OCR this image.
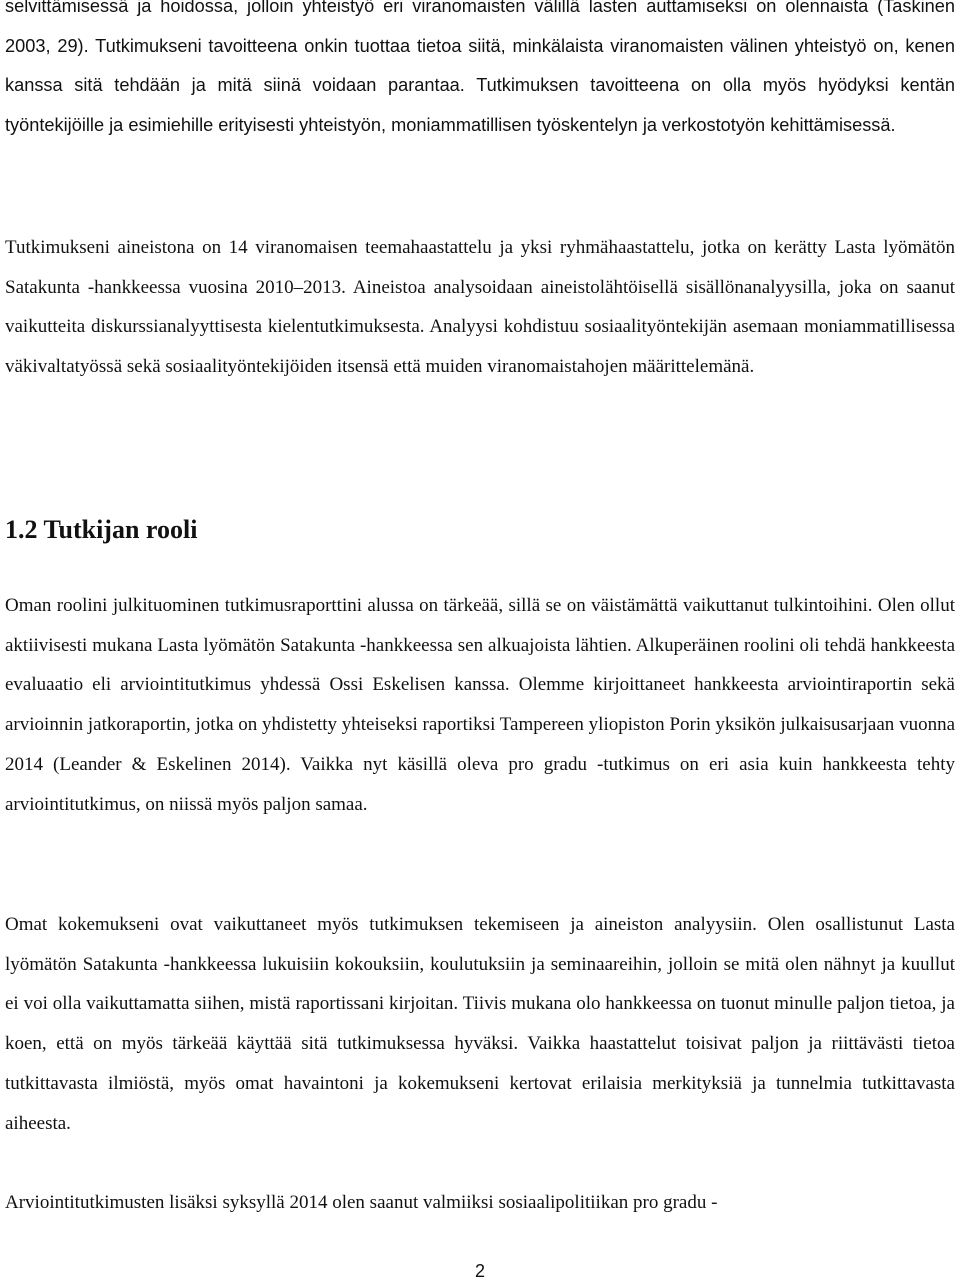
selvittämisessä ja hoidossa, jolloin yhteistyö eri viranomaisten välillä lasten auttamiseksi on olennaista (Taskinen 2003, 29). Tutkimukseni tavoitteena onkin tuottaa tietoa siitä, minkälaista viranomaisten välinen yhteistyö on, kenen kanssa sitä tehdään ja mitä siinä voidaan parantaa. Tutkimuksen tavoitteena on olla myös hyödyksi kentän työntekijöille ja esimiehille erityisesti yhteistyön, moniammatillisen työskentelyn ja verkostotyön kehittämisessä.

Tutkimukseni aineistona on 14 viranomaisen teemahaastattelu ja yksi ryhmähaastattelu, jotka on kerätty Lasta lyömätön Satakunta -hankkeessa vuosina 2010–2013. Aineistoa analysoidaan aineistolähtöisellä sisällönanalyysilla, joka on saanut vaikutteita diskurssianalyyttisesta kielentutkimuksesta. Analyysi kohdistuu sosiaalityöntekijän asemaan moniammatillisessa väkivaltatyössä sekä sosiaalityöntekijöiden itsensä että muiden viranomaistahojen määrittelemänä.

1.2 Tutkijan rooli

Oman roolini julkituominen tutkimusraporttini alussa on tärkeää, sillä se on väistämättä vaikuttanut tulkintoihini. Olen ollut aktiivisesti mukana Lasta lyömätön Satakunta -hankkeessa sen alkuajoista lähtien. Alkuperäinen roolini oli tehdä hankkeesta evaluaatio eli arviointitutkimus yhdessä Ossi Eskelisen kanssa. Olemme kirjoittaneet hankkeesta arviointiraportin sekä arvioinnin jatkoraportin, jotka on yhdistetty yhteiseksi raportiksi Tampereen yliopiston Porin yksikön julkaisusarjaan vuonna 2014 (Leander & Eskelinen 2014). Vaikka nyt käsillä oleva pro gradu -tutkimus on eri asia kuin hankkeesta tehty arviointitutkimus, on niissä myös paljon samaa.

Omat kokemukseni ovat vaikuttaneet myös tutkimuksen tekemiseen ja aineiston analyysiin. Olen osallistunut Lasta lyömätön Satakunta -hankkeessa lukuisiin kokouksiin, koulutuksiin ja seminaareihin, jolloin se mitä olen nähnyt ja kuullut ei voi olla vaikuttamatta siihen, mistä raportissani kirjoitan. Tiivis mukana olo hankkeessa on tuonut minulle paljon tietoa, ja koen, että on myös tärkeää käyttää sitä tutkimuksessa hyväksi. Vaikka haastattelut toisivat paljon ja riittävästi tietoa tutkittavasta ilmiöstä, myös omat havaintoni ja kokemukseni kertovat erilaisia merkityksiä ja tunnelmia tutkittavasta aiheesta.

Arviointitutkimusten lisäksi syksyllä 2014 olen saanut valmiiksi sosiaalipolitiikan pro gradu -

2
